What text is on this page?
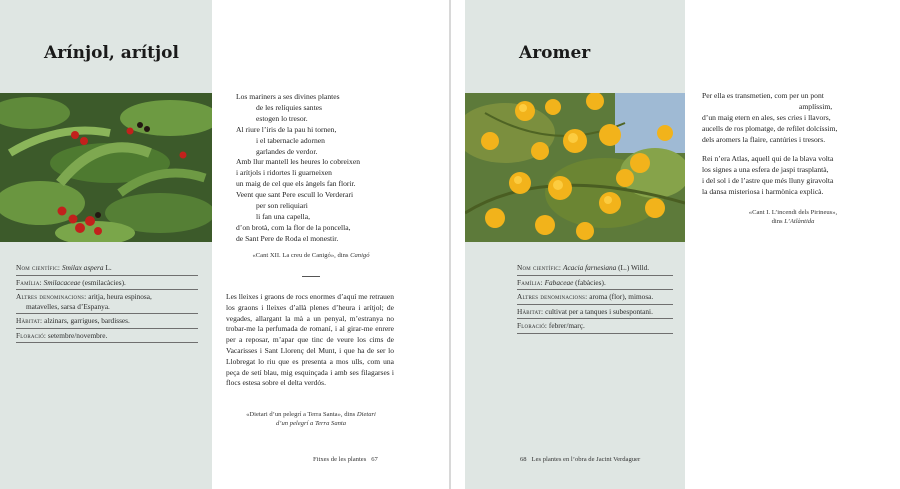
Arínjol, arítjol
Nom científic: Smilax aspera L.
Família: Smilacaceae (esmilacàcies).
Altres denominacions: aritja, heura espinosa,
matavelles, sarsa d’Espanya.
Hàbitat: alzinars, garrigues, bardisses.
Floració: setembre/novembre.
Los mariners a ses divines plantes
de les relíquies santes
estogen lo tresor.
Al riure l’iris de la pau hi tornen,
i el tabernacle adornen
garlandes de verdor.
Amb llur mantell les heures lo cobreixen
i arítjols i ridortes li guarneixen
un maig de cel que els àngels fan florir.
Veent que sant Pere escull lo Verderari
per son reliquiari
li fan una capella,
d’on brotà, com la flor de la poncella,
de Sant Pere de Roda el monestir.
«Cant XII. La creu de Canigó», dins Canigó
Les lleixes i graons de rocs enormes d’aquí me retrauen los graons i lleixes d’allà plenes d’heura i arítjol; de vegades, allargant la mà a un penyal, m’estranya no trobar-me la perfumada de romaní, i al girar-me enrere per a reposar, m’apar que tinc de veure los cims de Vacarisses i Sant Llorenç del Munt, i que ha de ser lo Llobregat lo riu que es presenta a mos ulls, com una peça de setí blau, mig esquinçada i amb ses filagarses i flocs estesa sobre el delta verdós.
«Dietari d’un pelegrí a Terra Santa», dins Dietari
d’un pelegrí a Terra Santa
Fitxes de les plantes 67
Aromer
Nom científic: Acacia farnesiana (L.) Willd.
Família: Fabaceae (fabàcies).
Altres denominacions: aroma (flor), mimosa.
Hàbitat: cultivat per a tanques i subespontani.
Floració: febrer/març.
Per ella es transmetien, com per un pont
amplíssim,
d’un maig etern en ales, ses cries i llavors,
aucells de ros plomatge, de refilet dolcíssim,
dels aromers la flaire, cantúries i tresors.
Rei n’era Atlas, aquell qui de la blava volta
los signes a una esfera de jaspi trasplantà,
i del sol i de l’astre que més lluny giravolta
la dansa misteriosa i harmònica explicà.
«Cant I. L’incendi dels Pirineus»,
dins L’Atlàntida
68 Les plantes en l’obra de Jacint Verdaguer
